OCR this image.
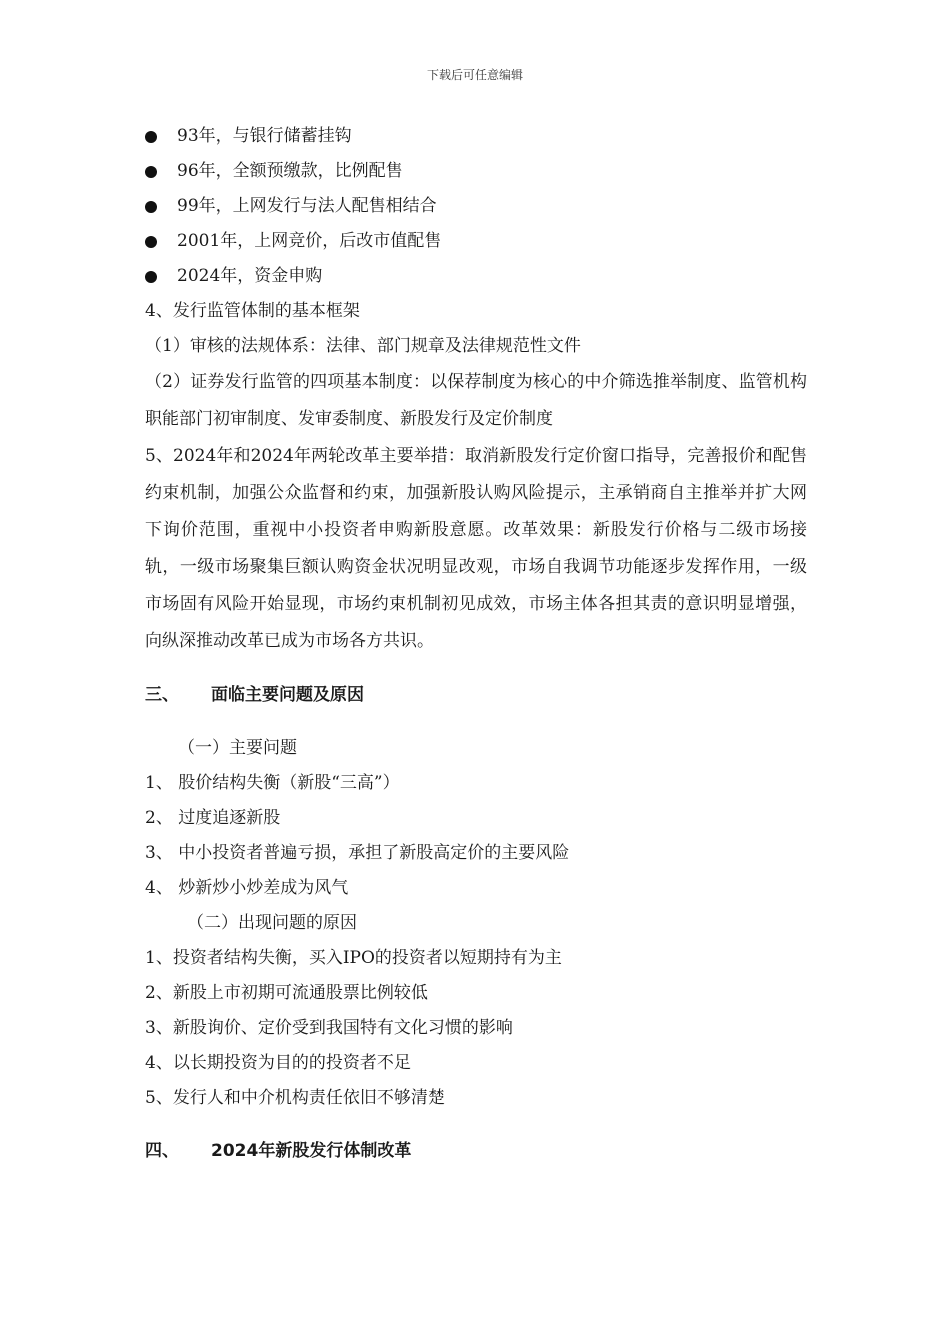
下载后可任意编辑
93年，与银行储蓄挂钩
96年，全额预缴款，比例配售
99年，上网发行与法人配售相结合
2001年，上网竞价，后改市值配售
2024年，资金申购
4、发行监管体制的基本框架
（1）审核的法规体系：法律、部门规章及法律规范性文件
（2）证券发行监管的四项基本制度：以保荐制度为核心的中介筛选推举制度、监管机构职能部门初审制度、发审委制度、新股发行及定价制度
5、2024年和2024年两轮改革主要举措：取消新股发行定价窗口指导，完善报价和配售约束机制，加强公众监督和约束，加强新股认购风险提示，主承销商自主推举并扩大网下询价范围，重视中小投资者申购新股意愿。改革效果：新股发行价格与二级市场接轨，一级市场聚集巨额认购资金状况明显改观，市场自我调节功能逐步发挥作用，一级市场固有风险开始显现，市场约束机制初见成效，市场主体各担其责的意识明显增强，向纵深推动改革已成为市场各方共识。
三、	面临主要问题及原因
（一）主要问题
1、 股价结构失衡（新股“三高”）
2、 过度追逐新股
3、 中小投资者普遍亏损，承担了新股高定价的主要风险
4、 炒新炒小炒差成为风气
（二）出现问题的原因
1、投资者结构失衡，买入IPO的投资者以短期持有为主
2、新股上市初期可流通股票比例较低
3、新股询价、定价受到我国特有文化习惯的影响
4、以长期投资为目的的投资者不足
5、发行人和中介机构责任依旧不够清楚
四、	2024年新股发行体制改革
